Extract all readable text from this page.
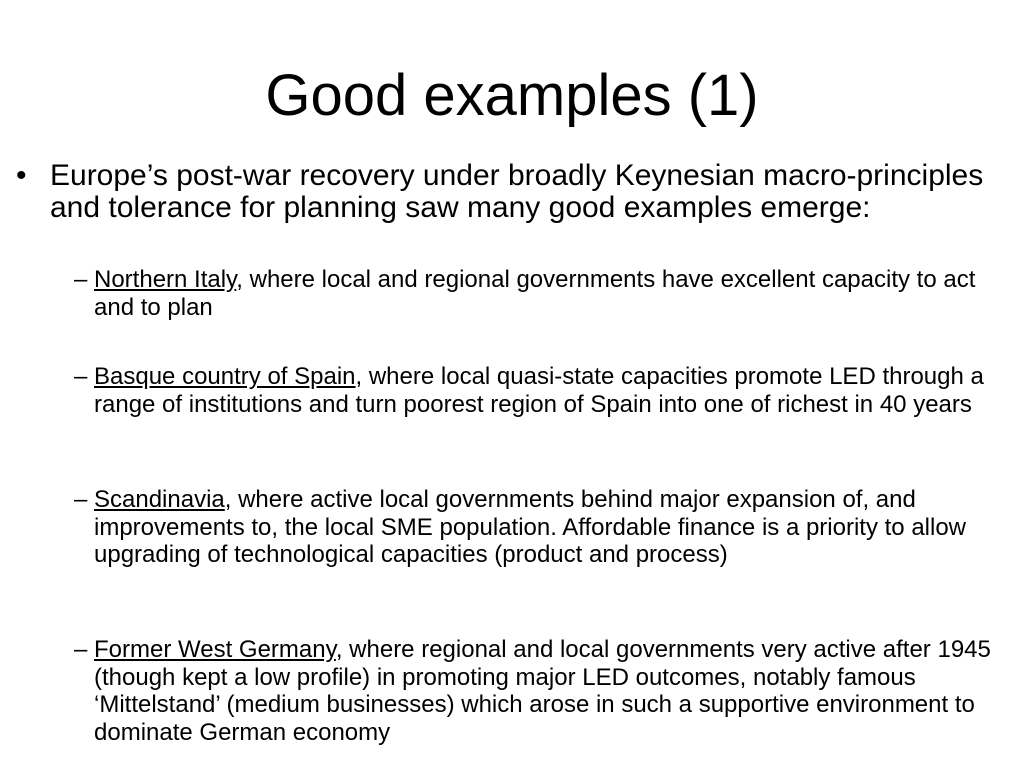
Good examples (1)
• Europe’s post-war recovery under broadly Keynesian macro-principles and tolerance for planning saw many good examples emerge:
– Northern Italy, where local and regional governments have excellent capacity to act and to plan
– Basque country of Spain, where local quasi-state capacities promote LED through a range of institutions and turn poorest region of Spain into one of richest in 40 years
– Scandinavia, where active local governments behind major expansion of, and improvements to, the local SME population. Affordable finance is a priority to allow upgrading of technological capacities (product and process)
– Former West Germany, where regional and local governments very active after 1945 (though kept a low profile) in promoting major LED outcomes, notably famous ‘Mittelstand’ (medium businesses) which arose in such a supportive environment to dominate German economy
